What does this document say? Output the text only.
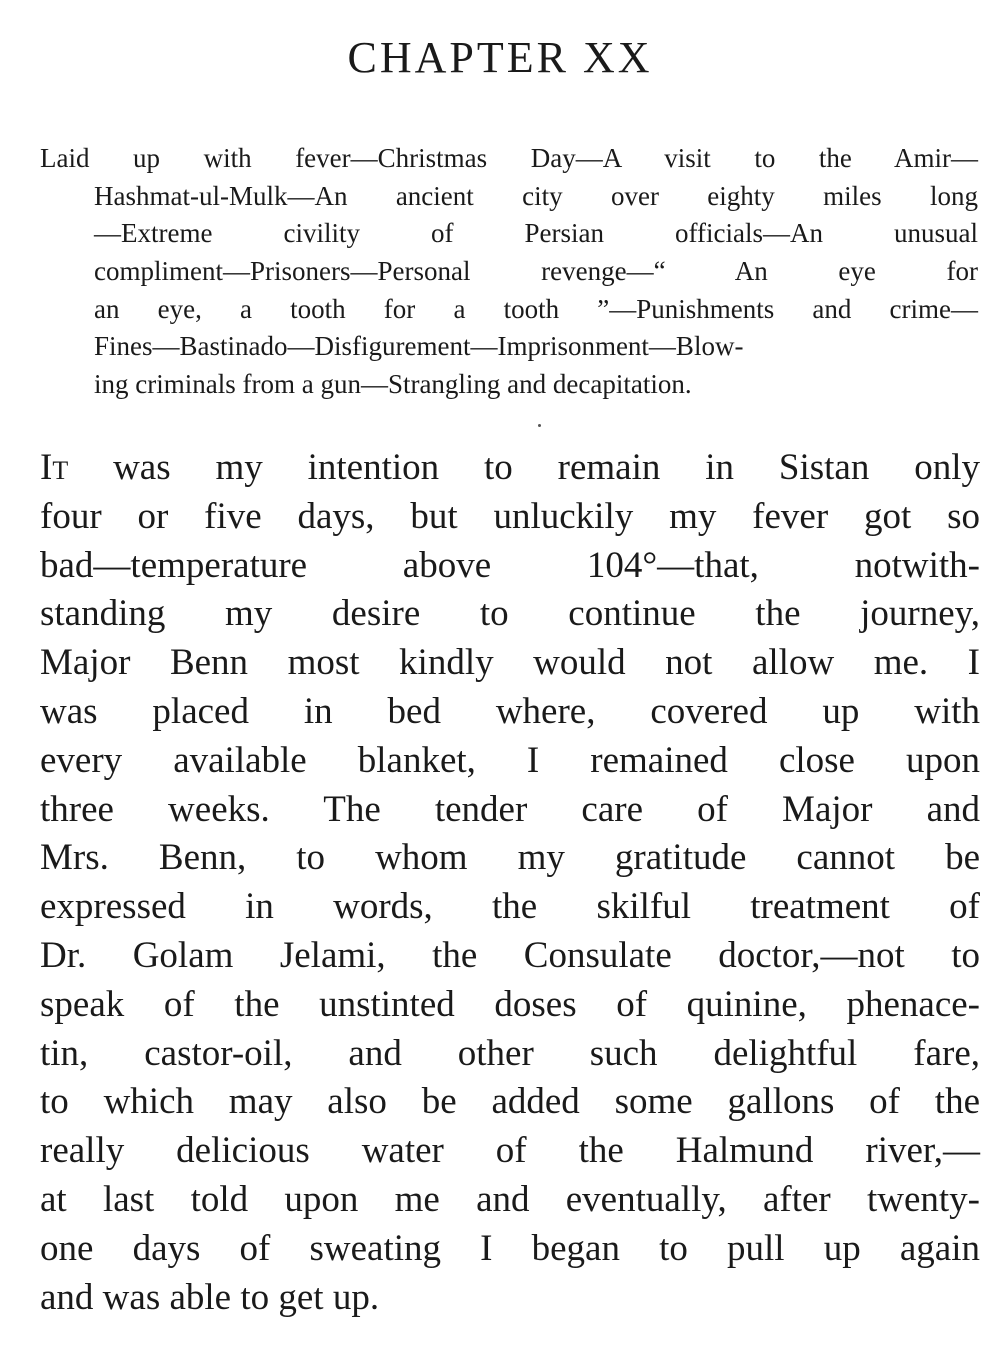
CHAPTER XX
Laid up with fever—Christmas Day—A visit to the Amir—
Hashmat-ul-Mulk—An ancient city over eighty miles long
—Extreme civility of Persian officials—An unusual
compliment—Prisoners—Personal revenge—“ An eye for
an eye, a tooth for a tooth ”—Punishments and crime—
Fines—Bastinado—Disfigurement—Imprisonment—Blow-
ing criminals from a gun—Strangling and decapitation.
It was my intention to remain in Sistan only
four or five days, but unluckily my fever got so
bad—temperature above 104°—that, notwith-
standing my desire to continue the journey,
Major Benn most kindly would not allow me. I
was placed in bed where, covered up with
every available blanket, I remained close upon
three weeks. The tender care of Major and
Mrs. Benn, to whom my gratitude cannot be
expressed in words, the skilful treatment of
Dr. Golam Jelami, the Consulate doctor,—not to
speak of the unstinted doses of quinine, phenace-
tin, castor-oil, and other such delightful fare,
to which may also be added some gallons of the
really delicious water of the Halmund river,—
at last told upon me and eventually, after twenty-
one days of sweating I began to pull up again
and was able to get up.
